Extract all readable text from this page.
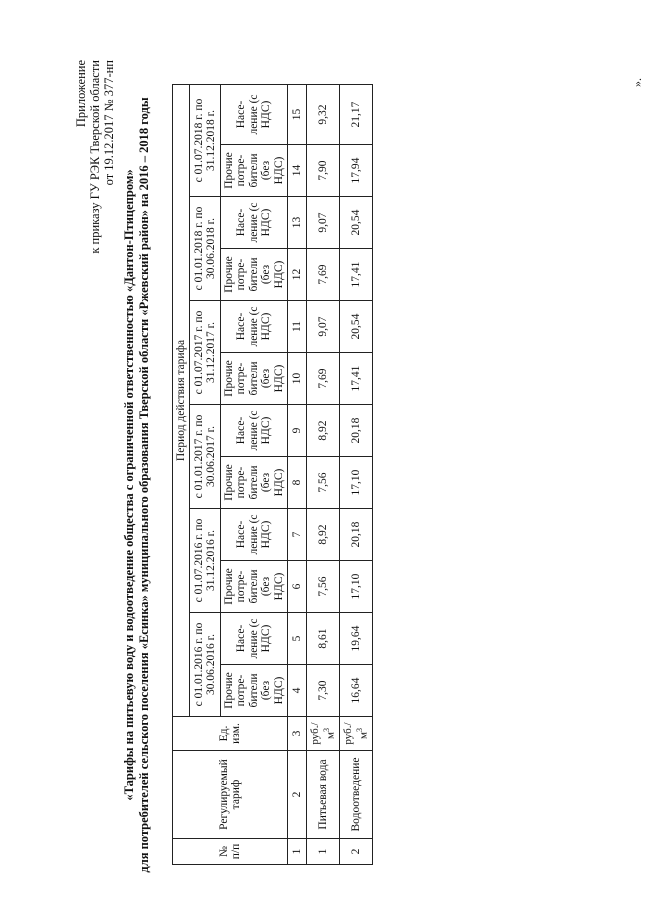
Приложение к приказу ГУ РЭК Тверской области от 19.12.2017 № 377-нп
«Тарифы на питьевую воду и водоотведение общества с ограниченной ответственностью «Дантон-Птицепром» для потребителей сельского поселения «Есинка» муниципального образования Тверской области «Ржевский район» на 2016 – 2018 годы	№ п/п	Регулируемый тариф	Ед. изм.	Период действия тарифа											
			с 01.01.2016 г. по 30.06.2016 г.		с 01.07.2016 г. по 31.12.2016 г.		с 01.01.2017 г. по 30.06.2017 г.		с 01.07.2017 г. по 31.12.2017 г.		с 01.01.2018 г. по 30.06.2018 г.		с 01.07.2018 г. по 31.12.2018 г.	
			Прочие потре- бители (без НДС)	Насе- ление (с НДС)	Прочие потре- бители (без НДС)	Насе- ление (с НДС)	Прочие потре- бители (без НДС)	Насе- ление (с НДС)	Прочие потре- бители (без НДС)	Насе- ление (с НДС)	Прочие потре- бители (без НДС)	Насе- ление (с НДС)	Прочие потре- бители (без НДС)	Насе- ление (с НДС)
1	2	3	4	5	6	7	8	9	10	11	12	13	14	15
1	Питьевая вода	$руб./м^3$	7,30	8,61	7,56	8,92	7,56	8,92	7,69	9,07	7,69	9,07	7,90	9,32
2	Водоотведение	$руб./м^3$	16,64	19,64	17,10	20,18	17,10	20,18	17,41	20,54	17,41	20,54	17,94	21,17
».
